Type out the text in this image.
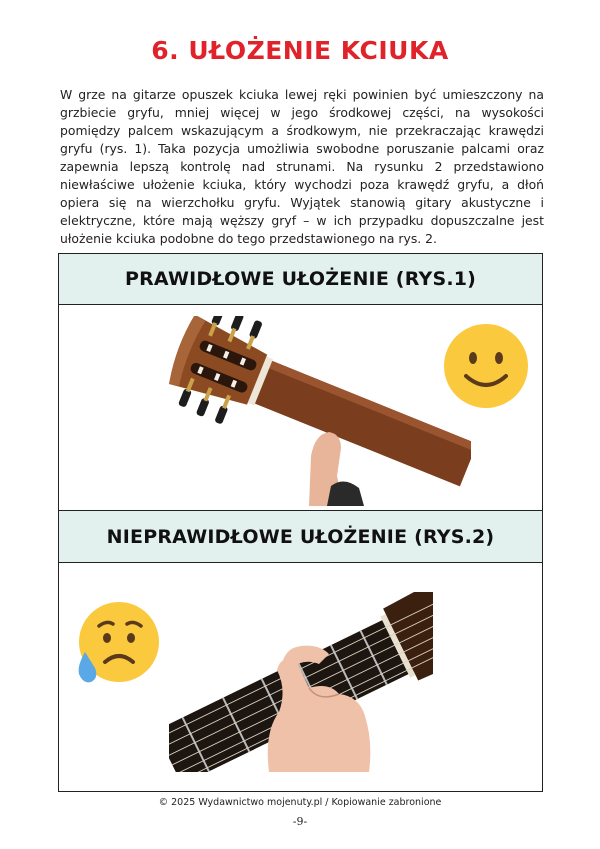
6. UŁOŻENIE KCIUKA

W grze na gitarze opuszek kciuka lewej ręki powinien być umieszczony na grzbiecie gryfu, mniej więcej w jego środkowej części, na wysokości pomiędzy palcem wskazującym a środkowym, nie przekraczając krawędzi gryfu (rys. 1). Taka pozycja umożliwia swobodne poruszanie palcami oraz zapewnia lepszą kontrolę nad strunami. Na rysunku 2 przedstawiono niewłaściwe ułożenie kciuka, który wychodzi poza krawędź gryfu, a dłoń opiera się na wierzchołku gryfu. Wyjątek stanowią gitary akustyczne i elektryczne, które mają węższy gryf – w ich przypadku dopuszczalne jest ułożenie kciuka podobne do tego przedstawionego na rys. 2.

PRAWIDŁOWE UŁOŻENIE (RYS.1)
NIEPRAWIDŁOWE UŁOŻENIE (RYS.2)
© 2025 Wydawnictwo mojenuty.pl / Kopiowanie zabronione
-9-
